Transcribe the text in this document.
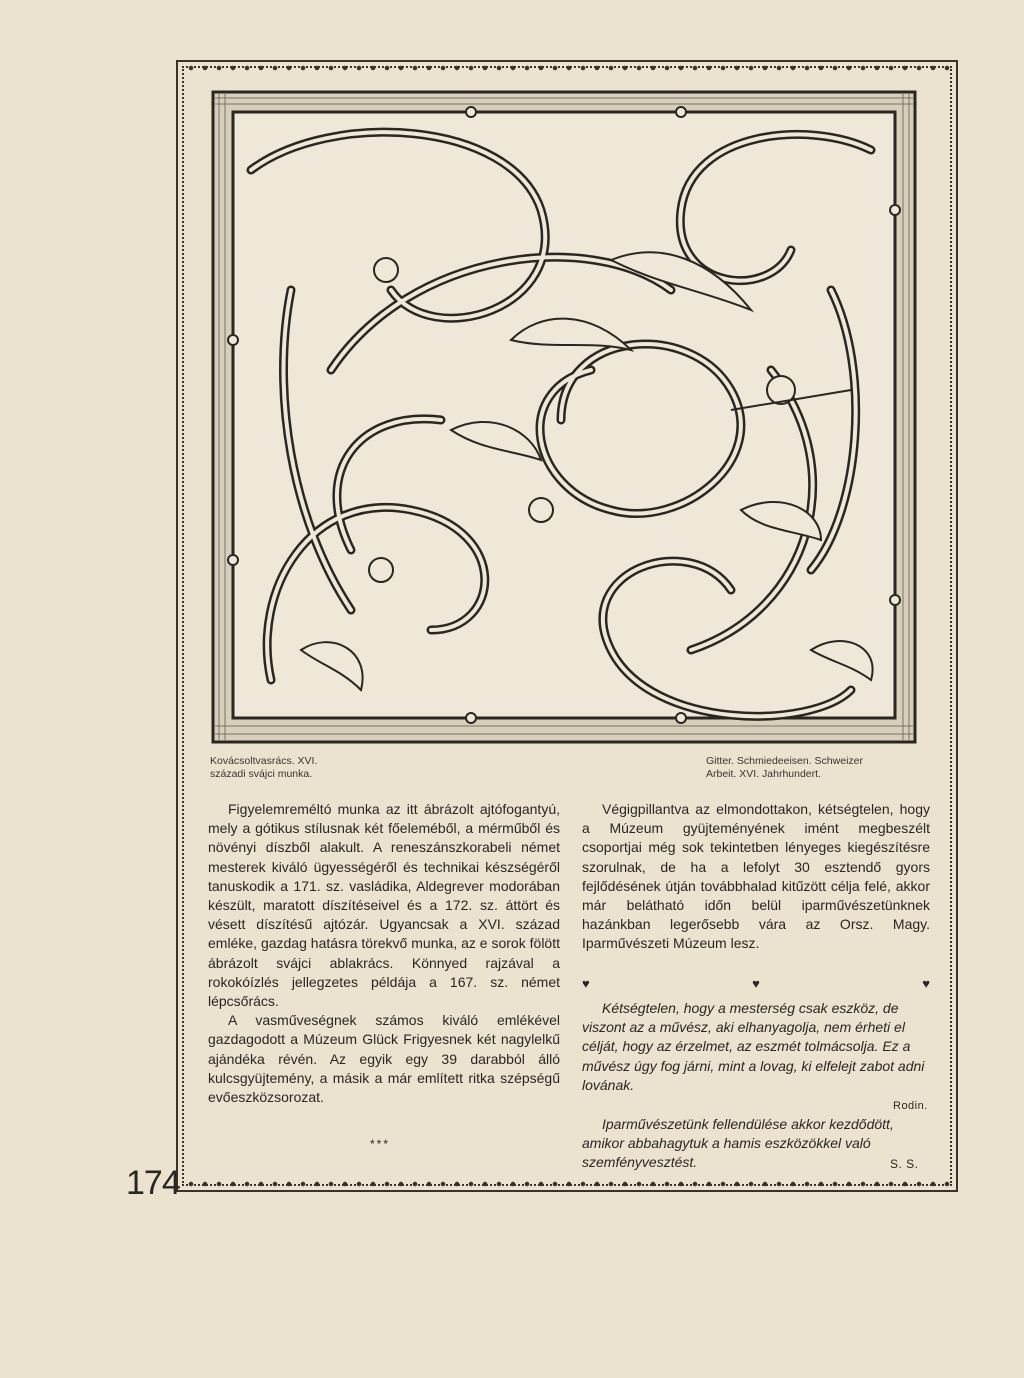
Kovácsoltvasrács. XVI.
századi svájci munka.
Gitter. Schmiedeeisen. Schweizer
Arbeit. XVI. Jahrhundert.

Figyelemreméltó munka az itt ábrázolt ajtófogantyú, mely a gótikus stílusnak két főeleméből, a mérműből és növényi díszből alakult. A reneszánszkorabeli német mesterek kiváló ügyességéről és technikai készségéről tanuskodik a 171. sz. vasládika, Aldegrever modorában készült, maratott díszítéseivel és a 172. sz. áttört és vésett díszítésű ajtózár. Ugyancsak a XVI. század emléke, gazdag hatásra törekvő munka, az e sorok fölött ábrázolt svájci ablakrács. Könnyed rajzával a rokokóízlés jellegzetes példája a 167. sz. német lépcsőrács.

A vasműveségnek számos kiváló emlékével gazdagodott a Múzeum Glück Frigyesnek két nagylelkű ajándéka révén. Az egyik egy 39 darabból álló kulcsgyüjtemény, a másik a már említett ritka szépségű evőeszközsorozat.

***

Végigpillantva az elmondottakon, kétségtelen, hogy a Múzeum gyüjteményének imént megbeszélt csoportjai még sok tekintetben lényeges kiegészítésre szorulnak, de ha a lefolyt 30 esztendő gyors fejlődésének útján továbbhalad kitűzött célja felé, akkor már belátható időn belül iparművészetünknek hazánkban legerősebb vára az Orsz. Magy. Iparművészeti Múzeum lesz.

♥	♥	♥
Kétségtelen, hogy a mesterség csak eszköz, de viszont az a művész, aki elhanyagolja, nem érheti el célját, hogy az érzelmet, az eszmét tolmácsolja. Ez a művész úgy fog járni, mint a lovag, ki elfelejt zabot adni lovának.
Rodin.
Iparművészetünk fellendülése akkor kezdődött, amikor abbahagytuk a hamis eszközökkel való szemfényvesztést.	S. S.
174
